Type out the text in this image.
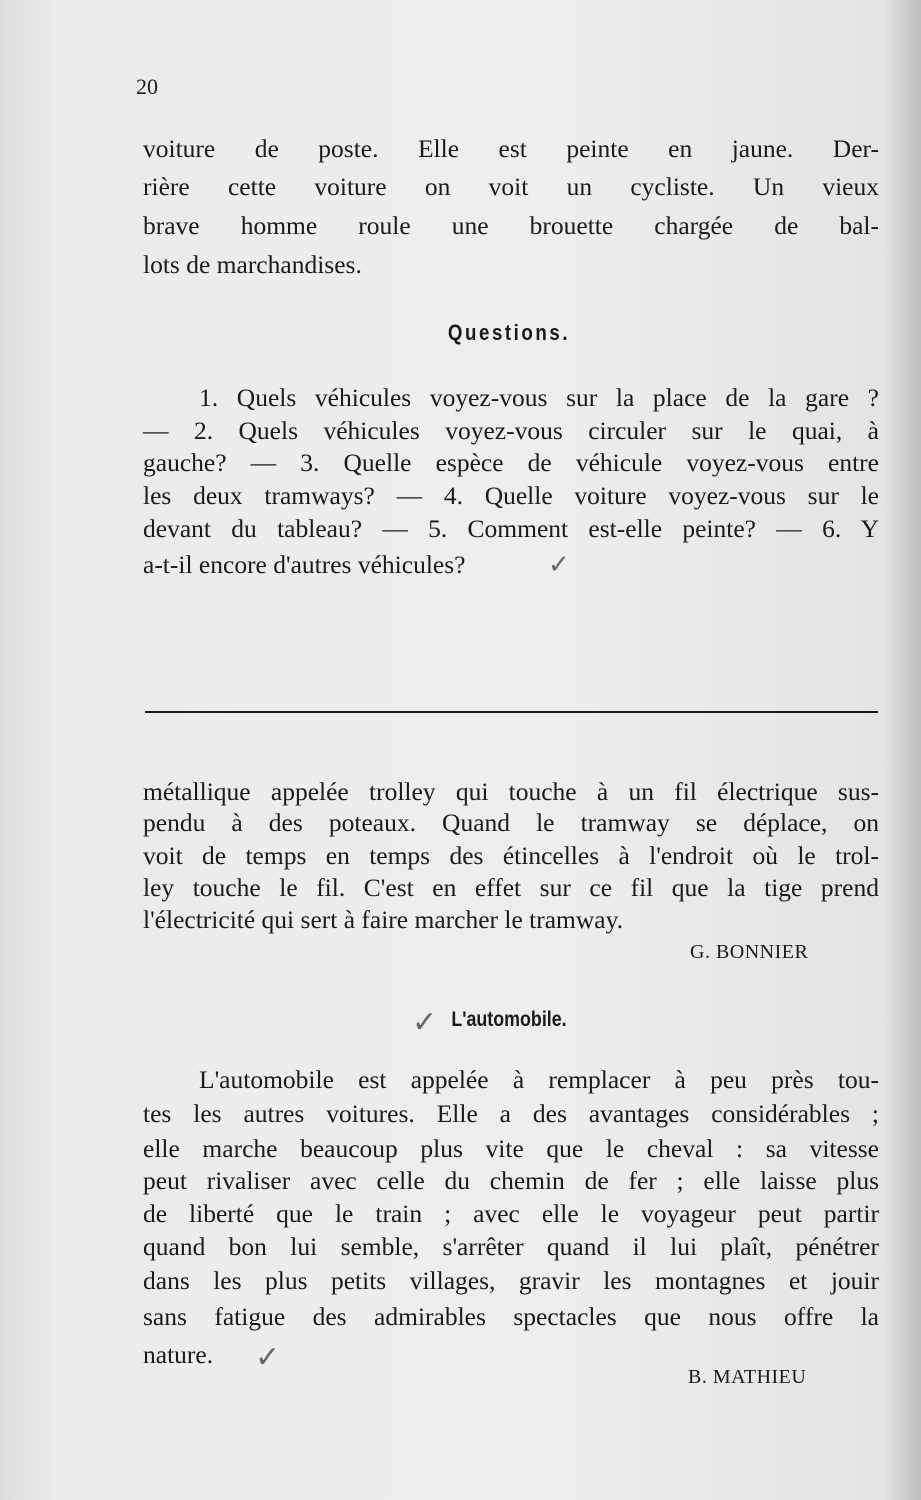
20
voiture de poste. Elle est peinte en jaune. Der-
rière cette voiture on voit un cycliste. Un vieux
brave homme roule une brouette chargée de bal-
lots de marchandises.
Questions.
1. Quels véhicules voyez-vous sur la place de la gare ?
— 2. Quels véhicules voyez-vous circuler sur le quai, à
gauche? — 3. Quelle espèce de véhicule voyez-vous entre
les deux tramways? — 4. Quelle voiture voyez-vous sur le
devant du tableau? — 5. Comment est-elle peinte? — 6. Y
a-t-il encore d'autres véhicules?	✓
métallique appelée trolley qui touche à un fil électrique sus-
pendu à des poteaux. Quand le tramway se déplace, on
voit de temps en temps des étincelles à l'endroit où le trol-
ley touche le fil. C'est en effet sur ce fil que la tige prend
l'électricité qui sert à faire marcher le tramway.
G. BONNIER
✓ L'automobile.
L'automobile est appelée à remplacer à peu près tou-
tes les autres voitures. Elle a des avantages considérables ;
elle marche beaucoup plus vite que le cheval : sa vitesse
peut rivaliser avec celle du chemin de fer ; elle laisse plus
de liberté que le train ; avec elle le voyageur peut partir
quand bon lui semble, s'arrêter quand il lui plaît, pénétrer
dans les plus petits villages, gravir les montagnes et jouir
sans fatigue des admirables spectacles que nous offre la
nature.	✓
B. MATHIEU
